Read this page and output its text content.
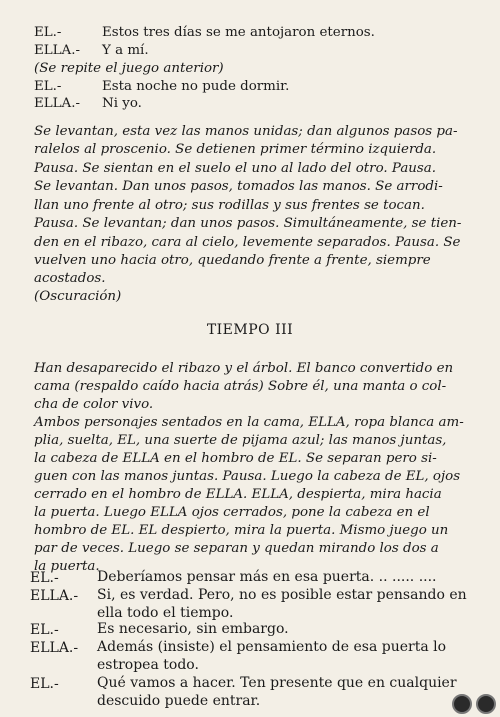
EL.-	Estos tres días se me antojaron eternos.
ELLA.- Y a mí.
(Se repite el juego anterior)
EL.-	Esta noche no pude dormir.
ELLA.- Ni yo.
Se levantan, esta vez las manos unidas; dan algunos pasos pa-
ralelos al proscenio. Se detienen primer término izquierda.
Pausa. Se sientan en el suelo el uno al lado del otro. Pausa.
Se levantan. Dan unos pasos, tomados las manos. Se arrodi-
llan uno frente al otro; sus rodillas y sus frentes se tocan.
Pausa. Se levantan; dan unos pasos. Simultáneamente, se tien-
den en el ribazo, cara al cielo, levemente separados. Pausa. Se
vuelven uno hacia otro, quedando frente a frente, siempre
acostados.
(Oscuración)
TIEMPO III
Han desaparecido el ribazo y el árbol. El banco convertido en
cama (respaldo caído hacia atrás) Sobre él, una manta o col-
cha de color vivo.
Ambos personajes sentados en la cama, ELLA, ropa blanca am-
plia, suelta, EL, una suerte de pijama azul; las manos juntas,
la cabeza de ELLA en el hombro de EL. Se separan pero si-
guen con las manos juntas. Pausa. Luego la cabeza de EL, ojos
cerrado en el hombro de ELLA. ELLA, despierta, mira hacia
la puerta. Luego ELLA ojos cerrados, pone la cabeza en el
hombro de EL. EL despierto, mira la puerta. Mismo juego un
par de veces. Luego se separan y quedan mirando los dos a
la puerta.
EL.-	Deberíamos pensar más en esa puerta. .. ..... ....
ELLA.- Si, es verdad. Pero, no es posible estar pensando en
ella todo el tiempo.
EL.-	Es necesario, sin embargo.
ELLA.- Además (insiste) el pensamiento de esa puerta lo
estropea todo.
EL.-	Qué vamos a hacer. Ten presente que en cualquier
descuido puede entrar.
